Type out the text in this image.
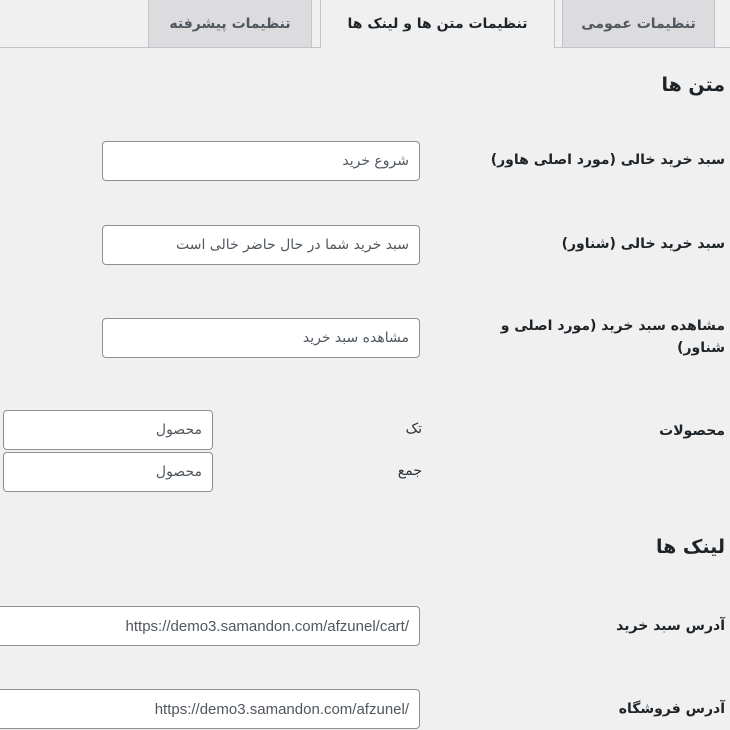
تنظیمات عمومی
تنظیمات متن ها و لینک ها
تنظیمات پیشرفته
متن ها
سبد خرید خالی (مورد اصلی هاور)
شروع خرید
سبد خرید خالی (شناور)
سبد خرید شما در حال حاضر خالی است
مشاهده سبد خرید (مورد اصلی و شناور)
مشاهده سبد خرید
محصولات
تک
محصول
جمع
محصول
لینک ها
آدرس سبد خرید
https://demo3.samandon.com/afzunel/cart/
آدرس فروشگاه
https://demo3.samandon.com/afzunel/
